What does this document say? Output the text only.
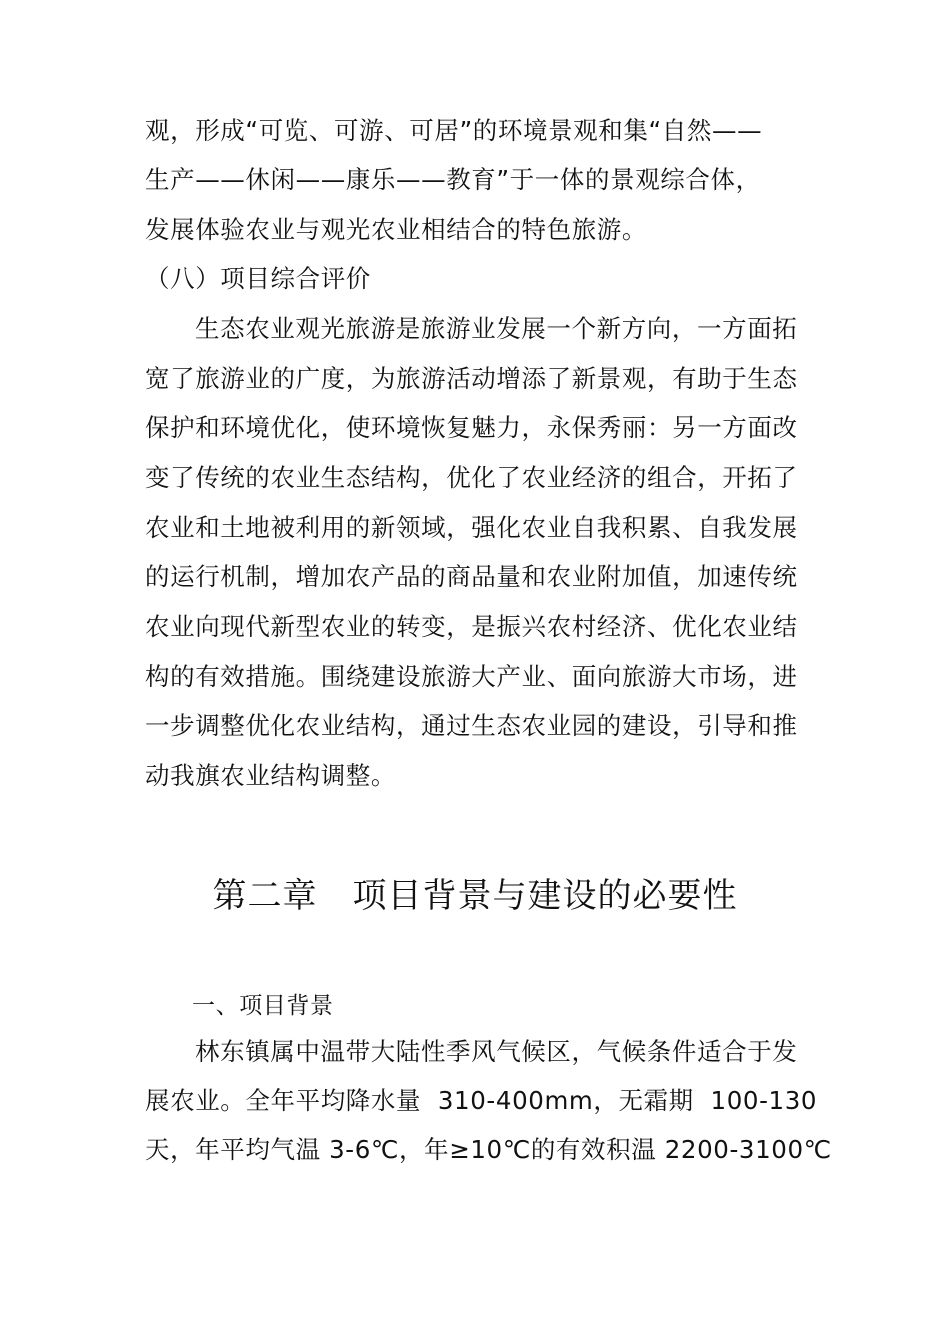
观，形成“可览、可游、可居”的环境景观和集“自然——
生产——休闲——康乐——教育”于一体的景观综合体，
发展体验农业与观光农业相结合的特色旅游。
（八）项目综合评价
生态农业观光旅游是旅游业发展一个新方向，一方面拓
宽了旅游业的广度，为旅游活动增添了新景观，有助于生态
保护和环境优化，使环境恢复魅力，永保秀丽：另一方面改
变了传统的农业生态结构，优化了农业经济的组合，开拓了
农业和土地被利用的新领域，强化农业自我积累、自我发展
的运行机制，增加农产品的商品量和农业附加值，加速传统
农业向现代新型农业的转变，是振兴农村经济、优化农业结
构的有效措施。围绕建设旅游大产业、面向旅游大市场，进
一步调整优化农业结构，通过生态农业园的建设，引导和推
动我旗农业结构调整。
第二章　项目背景与建设的必要性
一、项目背景
林东镇属中温带大陆性季风气候区，气候条件适合于发
展农业。全年平均降水量  310-400mm，无霜期  100-130
天，年平均气温 3-6℃，年≥10℃的有效积温 2200-3100℃
